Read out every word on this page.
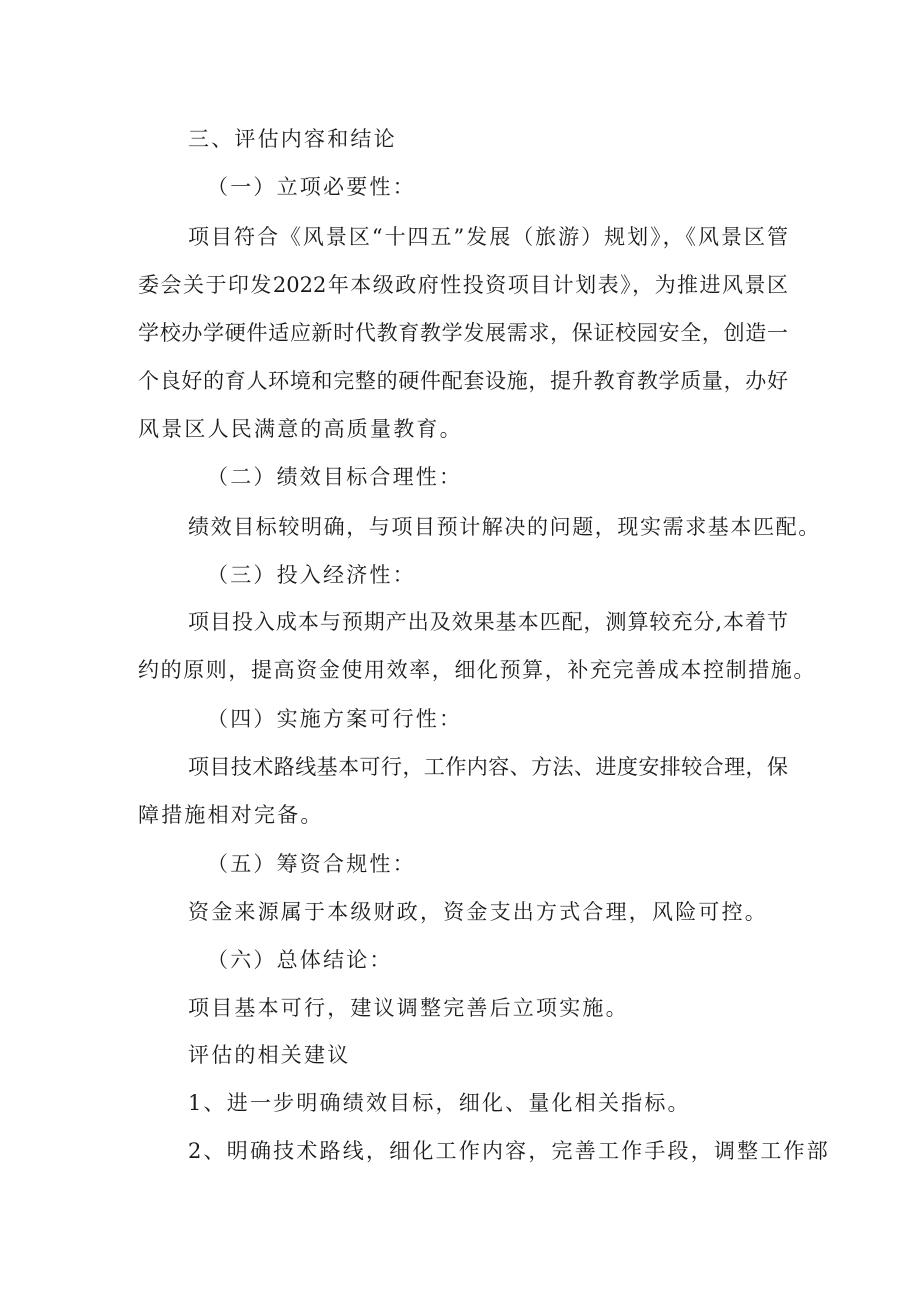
三、评估内容和结论
（一）立项必要性：
项目符合《风景区“十四五”发展（旅游）规划》，《风景区管
委会关于印发2022年本级政府性投资项目计划表》，为推进风景区
学校办学硬件适应新时代教育教学发展需求，保证校园安全，创造一
个良好的育人环境和完整的硬件配套设施，提升教育教学质量，办好
风景区人民满意的高质量教育。
（二）绩效目标合理性：
绩效目标较明确，与项目预计解决的问题，现实需求基本匹配。
（三）投入经济性：
项目投入成本与预期产出及效果基本匹配，测算较充分,本着节
约的原则，提高资金使用效率，细化预算，补充完善成本控制措施。
（四）实施方案可行性：
项目技术路线基本可行，工作内容、方法、进度安排较合理，保
障措施相对完备。
（五）筹资合规性：
资金来源属于本级财政，资金支出方式合理，风险可控。
（六）总体结论：
项目基本可行，建议调整完善后立项实施。
评估的相关建议
1、进一步明确绩效目标，细化、量化相关指标。
2、明确技术路线，细化工作内容，完善工作手段，调整工作部
